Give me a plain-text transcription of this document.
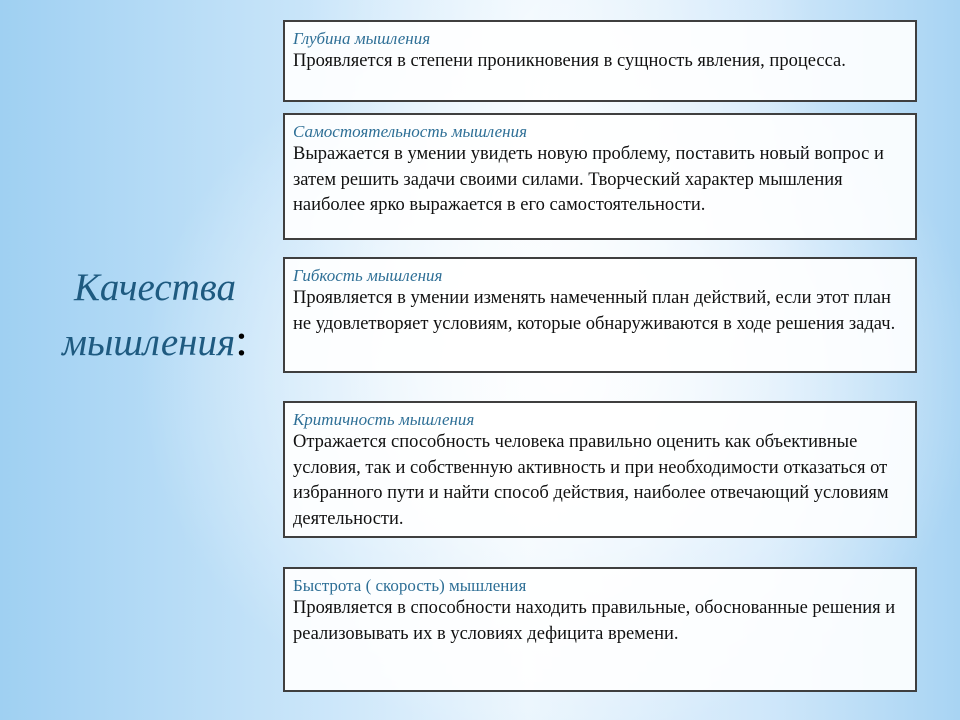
Качества
мышления:
Глубина мышления
Проявляется в степени проникновения в сущность явления, процесса.
Самостоятельность мышления
Выражается в умении увидеть новую проблему, поставить новый вопрос и затем решить задачи своими силами. Творческий характер мышления наиболее ярко выражается в его самостоятельности.
Гибкость мышления
Проявляется в умении изменять намеченный план действий, если этот план не удовлетворяет условиям, которые обнаруживаются в ходе решения задач.
Критичность мышления
Отражается способность человека правильно оценить как объективные условия, так и собственную активность и при необходимости отказаться от избранного пути и найти способ действия, наиболее отвечающий условиям деятельности.
Быстрота ( скорость) мышления
Проявляется в способности находить правильные, обоснованные решения и реализовывать их в условиях дефицита времени.
